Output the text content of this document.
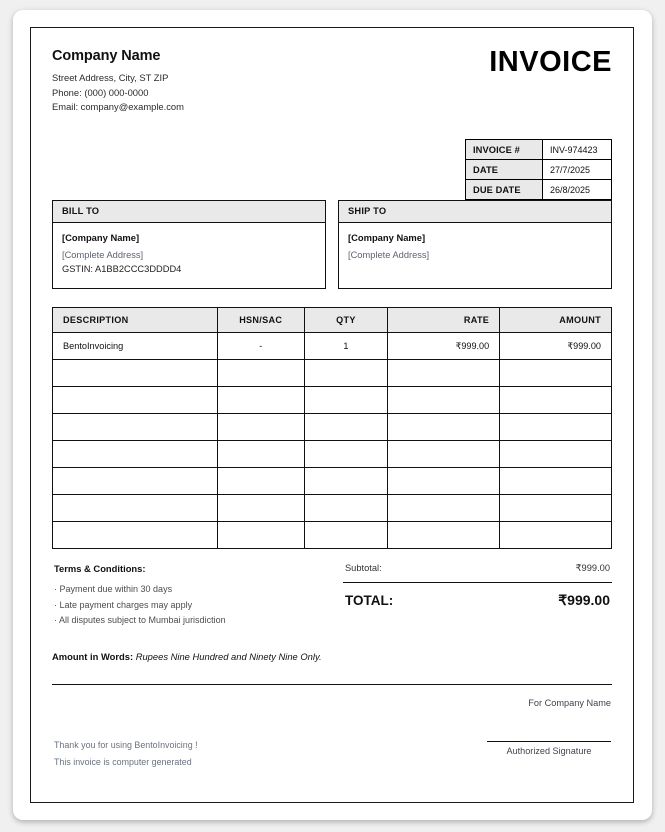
Company Name
Street Address, City, ST ZIP
Phone: (000) 000-0000
Email: company@example.com
INVOICE
INVOICE #	INV-974423
DATE	27/7/2025
DUE DATE	26/8/2025
BILL TO
[Company Name]
[Complete Address]
GSTIN: A1BB2CCC3DDDD4
SHIP TO
[Company Name]
[Complete Address]
DESCRIPTION	HSN/SAC	QTY	RATE	AMOUNT
BentoInvoicing	-	1	₹999.00	₹999.00

Terms & Conditions:
· Payment due within 30 days
· Late payment charges may apply
· All disputes subject to Mumbai jurisdiction
Subtotal:	₹999.00
TOTAL:	₹999.00
Amount in Words: Rupees Nine Hundred and Ninety Nine Only.
For Company Name
Thank you for using BentoInvoicing !
This invoice is computer generated
Authorized Signature
